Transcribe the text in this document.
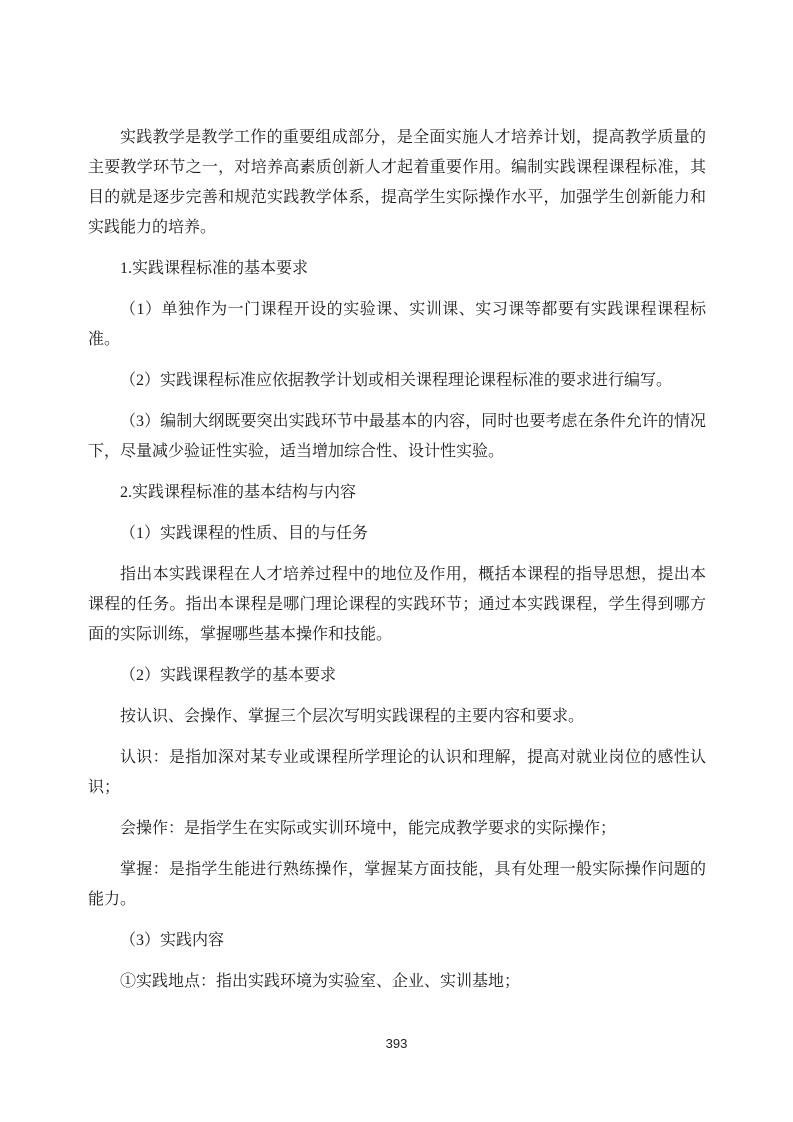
实践教学是教学工作的重要组成部分，是全面实施人才培养计划，提高教学质量的主要教学环节之一，对培养高素质创新人才起着重要作用。编制实践课程课程标准，其目的就是逐步完善和规范实践教学体系，提高学生实际操作水平，加强学生创新能力和实践能力的培养。

1.实践课程标准的基本要求

（1）单独作为一门课程开设的实验课、实训课、实习课等都要有实践课程课程标准。

（2）实践课程标准应依据教学计划或相关课程理论课程标准的要求进行编写。

（3）编制大纲既要突出实践环节中最基本的内容，同时也要考虑在条件允许的情况下，尽量减少验证性实验，适当增加综合性、设计性实验。

2.实践课程标准的基本结构与内容

（1）实践课程的性质、目的与任务

指出本实践课程在人才培养过程中的地位及作用，概括本课程的指导思想，提出本课程的任务。指出本课程是哪门理论课程的实践环节；通过本实践课程，学生得到哪方面的实际训练，掌握哪些基本操作和技能。

（2）实践课程教学的基本要求

按认识、会操作、掌握三个层次写明实践课程的主要内容和要求。

认识：是指加深对某专业或课程所学理论的认识和理解，提高对就业岗位的感性认识；

会操作：是指学生在实际或实训环境中，能完成教学要求的实际操作；

掌握：是指学生能进行熟练操作，掌握某方面技能，具有处理一般实际操作问题的能力。

（3）实践内容

①实践地点：指出实践环境为实验室、企业、实训基地；

393
